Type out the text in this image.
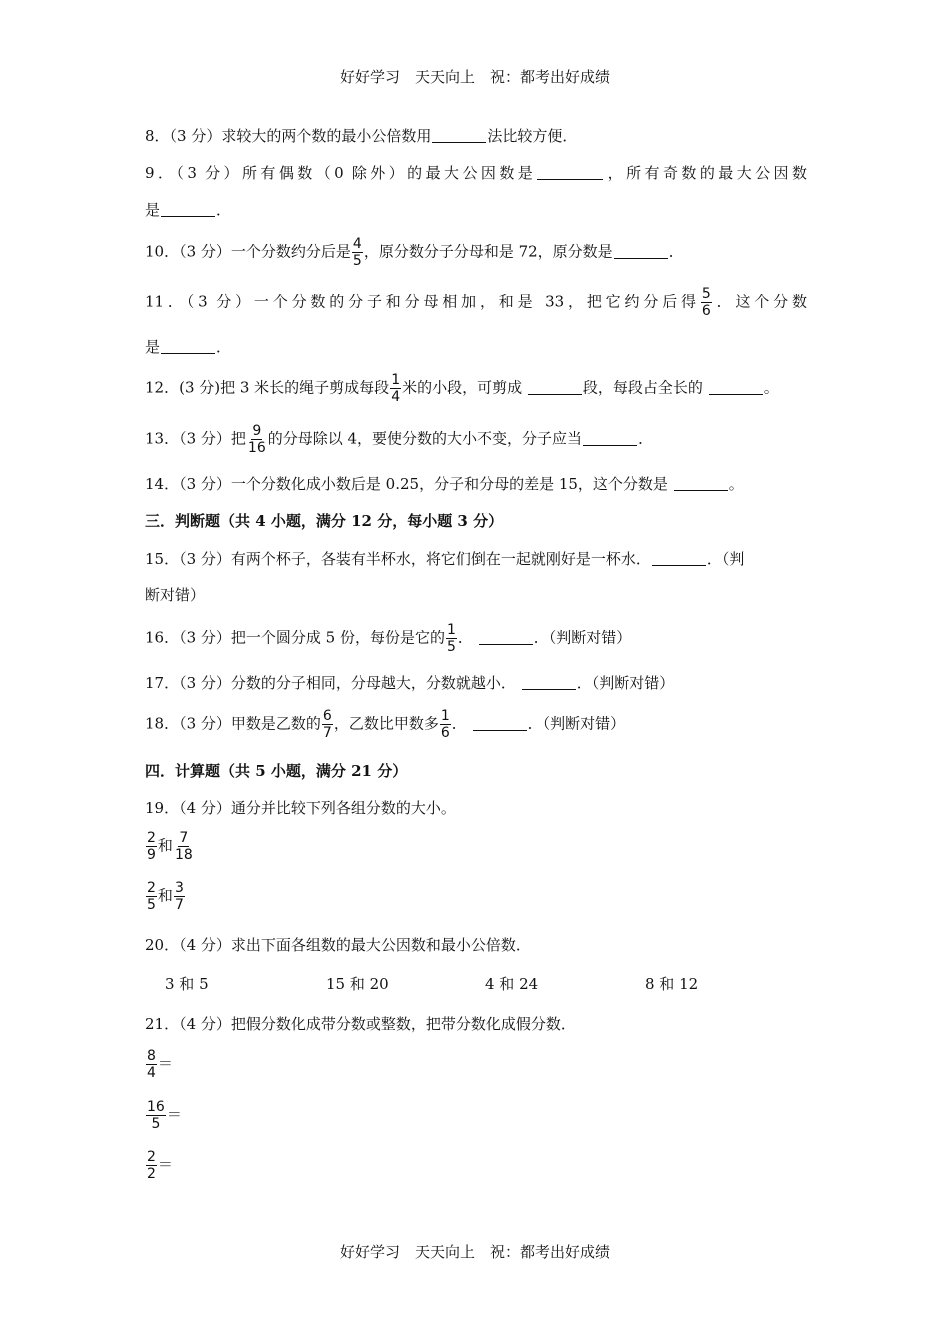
好好学习　天天向上　祝：都考出好成绩
8．（3 分）求较大的两个数的最小公倍数用	法比较方便．
9．（3 分）所有偶数（0 除外）的最大公因数是	，所有奇数的最大公因数
是	．
10．（3 分）一个分数约分后是 $\frac{4}{5}$ ，原分数分子分母和是 72，原分数是	．
11．（3 分）一个分数的分子和分母相加，和是 33，把它约分后得 $\frac{5}{6}$ ．这个分数
是	．
12．(3 分)把 3 米长的绳子剪成每段 $\frac{1}{4}$ 米的小段，可剪成	段，每段占全长的	。
13．（3 分）把 $\frac{9}{16}$ 的分母除以 4，要使分数的大小不变，分子应当	．
14．（3 分）一个分数化成小数后是 0.25，分子和分母的差是 15，这个分数是	。
三．判断题（共 4 小题，满分 12 分，每小题 3 分）
15．（3 分）有两个杯子，各装有半杯水，将它们倒在一起就刚好是一杯水．	．（判
断对错）
16．（3 分）把一个圆分成 5 份，每份是它的 $\frac{1}{5}$ ．	．（判断对错）
17．（3 分）分数的分子相同，分母越大，分数就越小．	．（判断对错）
18．（3 分）甲数是乙数的 $\frac{6}{7}$ ，乙数比甲数多 $\frac{1}{6}$ ．	．（判断对错）
四．计算题（共 5 小题，满分 21 分）
19．（4 分）通分并比较下列各组分数的大小。
$\frac{2}{9}$ 和 $\frac{7}{18}$
$\frac{2}{5}$ 和 $\frac{3}{7}$
20．（4 分）求出下面各组数的最大公因数和最小公倍数．
3 和 5	15 和 20	4 和 24	8 和 12
21．（4 分）把假分数化成带分数或整数，把带分数化成假分数．
$\frac{8}{4}$ ＝
$\frac{16}{5}$ ＝
$\frac{2}{2}$ ＝
好好学习　天天向上　祝：都考出好成绩
